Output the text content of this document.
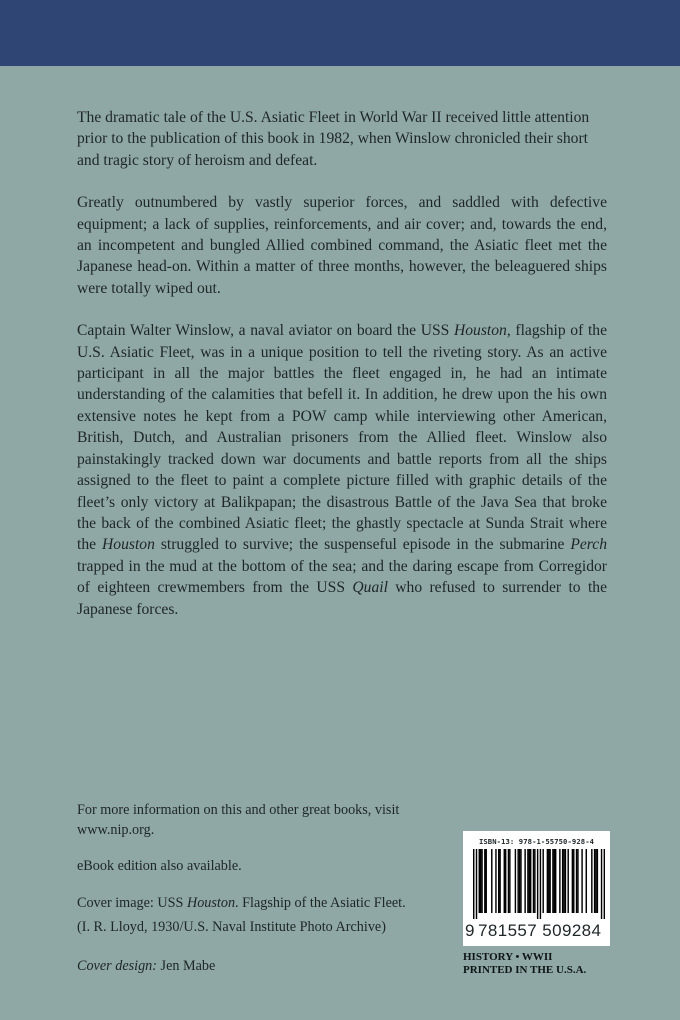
The dramatic tale of the U.S. Asiatic Fleet in World War II received little attention prior to the publication of this book in 1982, when Winslow chronicled their short and tragic story of heroism and defeat.

Greatly outnumbered by vastly superior forces, and saddled with defective equipment; a lack of supplies, reinforcements, and air cover; and, towards the end, an incompetent and bungled Allied combined command, the Asiatic fleet met the Japanese head-on. Within a matter of three months, however, the beleaguered ships were totally wiped out.

Captain Walter Winslow, a naval aviator on board the USS Houston, flagship of the U.S. Asiatic Fleet, was in a unique position to tell the riveting story. As an active participant in all the major battles the fleet engaged in, he had an intimate understanding of the calamities that befell it. In addition, he drew upon the his own extensive notes he kept from a POW camp while interviewing other American, British, Dutch, and Australian prisoners from the Allied fleet. Winslow also painstakingly tracked down war documents and battle reports from all the ships assigned to the fleet to paint a complete picture filled with graphic details of the fleet’s only victory at Balikpapan; the disastrous Battle of the Java Sea that broke the back of the combined Asiatic fleet; the ghastly spectacle at Sunda Strait where the Houston struggled to survive; the suspenseful episode in the submarine Perch trapped in the mud at the bottom of the sea; and the daring escape from Corregidor of eighteen crewmembers from the USS Quail who refused to surrender to the Japanese forces.

For more information on this and other great books, visit
www.nip.org.
eBook edition also available.
Cover image: USS Houston. Flagship of the Asiatic Fleet.
(I. R. Lloyd, 1930/U.S. Naval Institute Photo Archive)
Cover design: Jen Mabe
ISBN-13: 978-1-55750-928-4
9 781557 509284
HISTORY • WWII
PRINTED IN THE U.S.A.
